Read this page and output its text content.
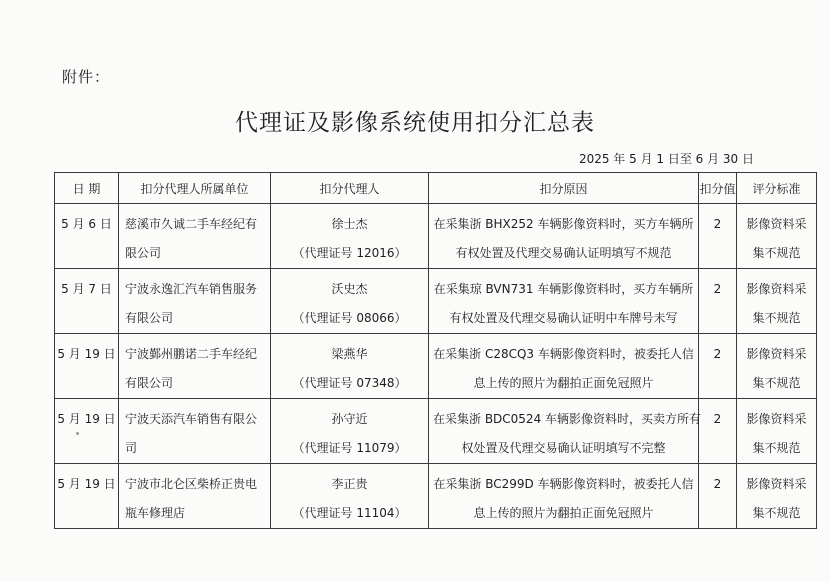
附件：
代理证及影像系统使用扣分汇总表
2025 年 5 月 1 日至 6 月 30 日
日 期	扣分代理人所属单位	扣分代理人	扣分原因	扣分值	评分标准

5 月 6 日	慈溪市久诚二手车经纪有限公司	徐士杰
（代理证号 12016）	在采集浙 BHX252 车辆影像资料时，买方车辆所
有权处置及代理交易确认证明填写不规范	2	影像资料采集不规范

5 月 7 日	宁波永逸汇汽车销售服务有限公司	沃史杰
（代理证号 08066）	在采集琼 BVN731 车辆影像资料时，买方车辆所
有权处置及代理交易确认证明中车牌号未写	2	影像资料采集不规范

5 月 19 日	宁波鄞州鹏诺二手车经纪有限公司	梁燕华
（代理证号 07348）	在采集浙 C28CQ3 车辆影像资料时，被委托人信
息上传的照片为翻拍正面免冠照片	2	影像资料采集不规范

5 月 19 日	宁波天添汽车销售有限公司	孙守近
（代理证号 11079）	在采集浙 BDC0524 车辆影像资料时，买卖方所有
权处置及代理交易确认证明填写不完整	2	影像资料采集不规范

5 月 19 日	宁波市北仑区柴桥正贵电瓶车修理店	李正贵
（代理证号 11104）	在采集浙 BC299D 车辆影像资料时，被委托人信
息上传的照片为翻拍正面免冠照片	2	影像资料采集不规范
